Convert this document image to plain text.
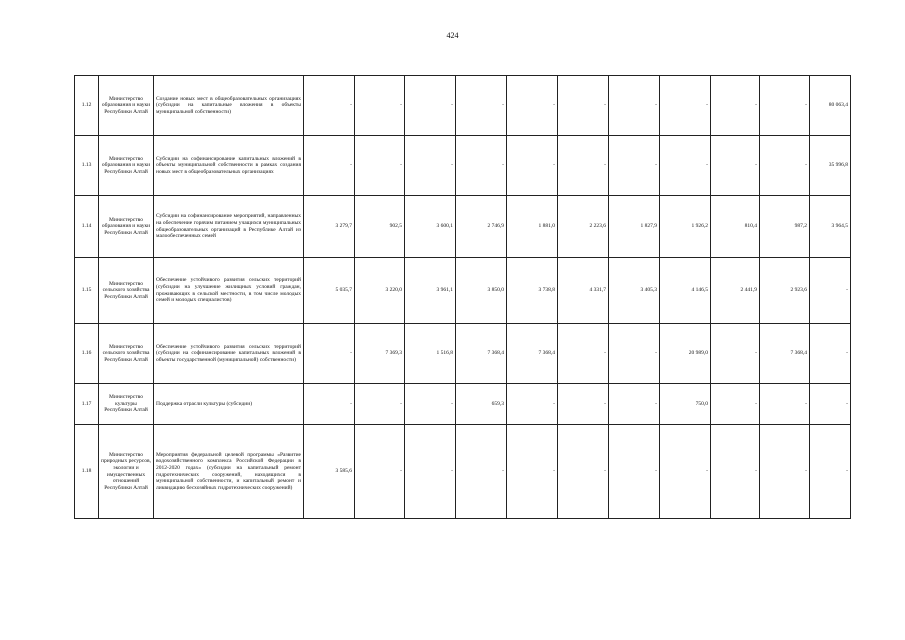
424
1.12	Министерство образования и науки Республики Алтай	Создание новых мест в общеобразовательных организациях (субсидии на капитальные вложения в объекты муниципальной собственности)	-	-	-	-	-	-	-	-	-	-	80 063,4
1.13	Министерство образования и науки Республики Алтай	Субсидии на софинансирование капитальных вложений в объекты муниципальной собственности в рамках создания новых мест в общеобразовательных организациях	-	-	-	-	-	-	-	-	-	-	35 996,8
1.14	Министерство образования и науки Республики Алтай	Субсидии на софинансирование мероприятий, направленных на обеспечение горячим питанием учащихся муниципальных общеобразовательных организаций в Республике Алтай из малообеспеченных семей	3 279,7	902,5	3 600,1	2 746,9	1 881,0	2 223,6	1 827,9	1 926,2	810,4	987,2	3 964,5
1.15	Министерство сельского хозяйства Республики Алтай	Обеспечение устойчивого развития сельских территорий (субсидии на улучшение жилищных условий граждан, проживающих в сельской местности, в том числе молодых семей и молодых специалистов)	5 035,7	3 220,0	3 961,1	3 850,0	3 738,8	4 331,7	3 405,3	4 146,5	2 441,9	2 923,6	-
1.16	Министерство сельского хозяйства Республики Алтай	Обеспечение устойчивого развития сельских территорий (субсидии на софинансирование капитальных вложений в объекты государственной (муниципальной) собственности)	-	7 369,3	1 516,8	7 368,4	7 368,4	-	-	20 989,0	-	7 368,4	-
1.17	Министерство культуры Республики Алтай	Поддержка отрасли культуры (субсидии)	-	-	-	659,3	-	-	-	750,0	-	-	-
1.18	Министерство природных ресурсов, экологии и имущественных отношений Республики Алтай	Мероприятия федеральной целевой программы «Развитие водохозяйственного комплекса Российской Федерации в 2012-2020 годах» (субсидии на капитальный ремонт гидротехнических сооружений, находящихся в муниципальной собственности, и капитальный ремонт и ликвидацию бесхозяйных гидротехнических сооружений)	3 585,6	-	-	-	-	-	-	-	-	-	-
